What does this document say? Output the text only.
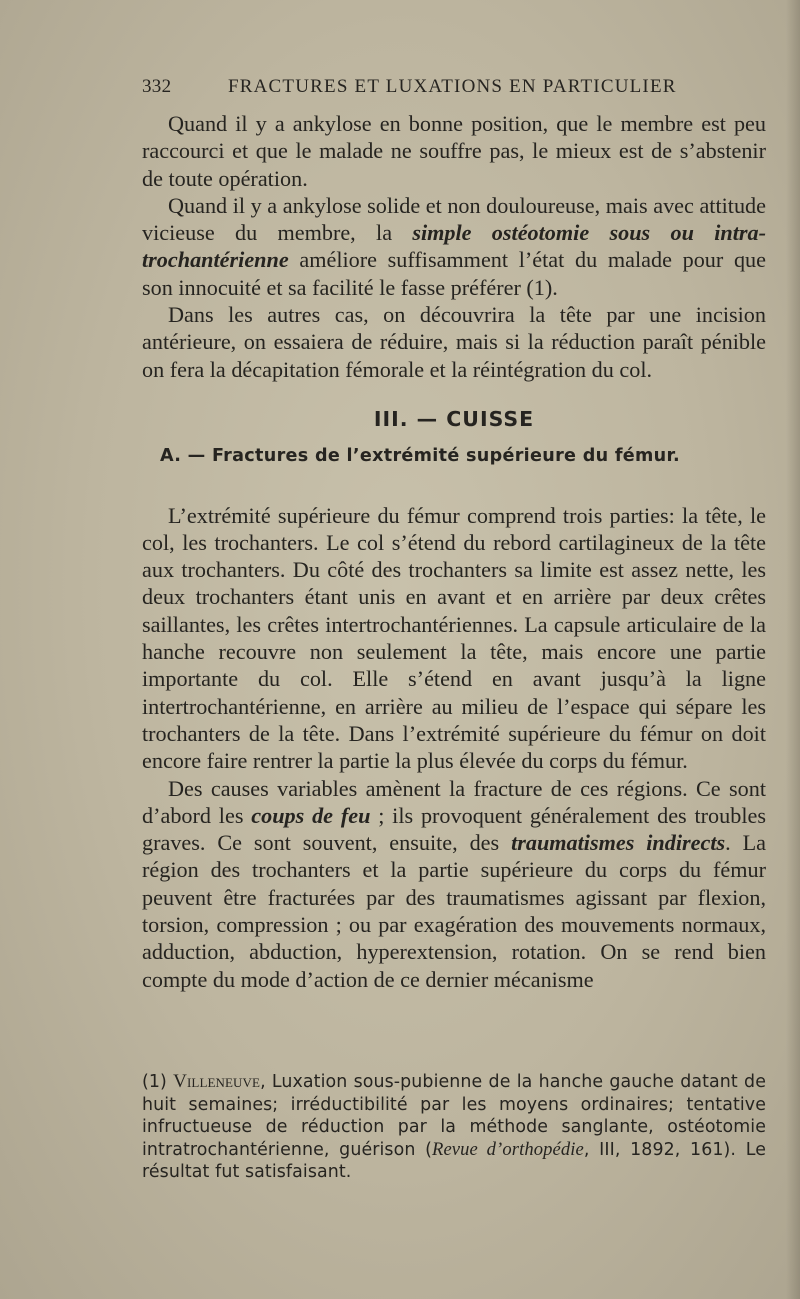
332	FRACTURES ET LUXATIONS EN PARTICULIER

Quand il y a ankylose en bonne position, que le membre est peu raccourci et que le malade ne souffre pas, le mieux est de s’abstenir de toute opération.

Quand il y a ankylose solide et non douloureuse, mais avec attitude vicieuse du membre, la simple ostéotomie sous ou intra-trochantérienne améliore suffisamment l’état du malade pour que son innocuité et sa facilité le fasse préférer (1).

Dans les autres cas, on découvrira la tête par une incision antérieure, on essaiera de réduire, mais si la réduction paraît pénible on fera la décapitation fémorale et la réintégration du col.

III. — CUISSE
A. — Fractures de l’extrémité supérieure du fémur.

L’extrémité supérieure du fémur comprend trois parties: la tête, le col, les trochanters. Le col s’étend du rebord cartilagineux de la tête aux trochanters. Du côté des trochanters sa limite est assez nette, les deux trochanters étant unis en avant et en arrière par deux crêtes saillantes, les crêtes intertrochantériennes. La capsule articulaire de la hanche recouvre non seulement la tête, mais encore une partie importante du col. Elle s’étend en avant jusqu’à la ligne intertrochantérienne, en arrière au milieu de l’espace qui sépare les trochanters de la tête. Dans l’extrémité supérieure du fémur on doit encore faire rentrer la partie la plus élevée du corps du fémur.

Des causes variables amènent la fracture de ces régions. Ce sont d’abord les coups de feu ; ils provoquent généralement des troubles graves. Ce sont souvent, ensuite, des traumatismes indirects. La région des trochanters et la partie supérieure du corps du fémur peuvent être fracturées par des traumatismes agissant par flexion, torsion, compression ; ou par exagération des mouvements normaux, adduction, abduction, hyperextension, rotation. On se rend bien compte du mode d’action de ce dernier mécanisme

(1) Villeneuve, Luxation sous-pubienne de la hanche gauche datant de huit semaines; irréductibilité par les moyens ordinaires; tentative infructueuse de réduction par la méthode sanglante, ostéotomie intratrochantérienne, guérison (Revue d’orthopédie, III, 1892, 161). Le résultat fut satisfaisant.
